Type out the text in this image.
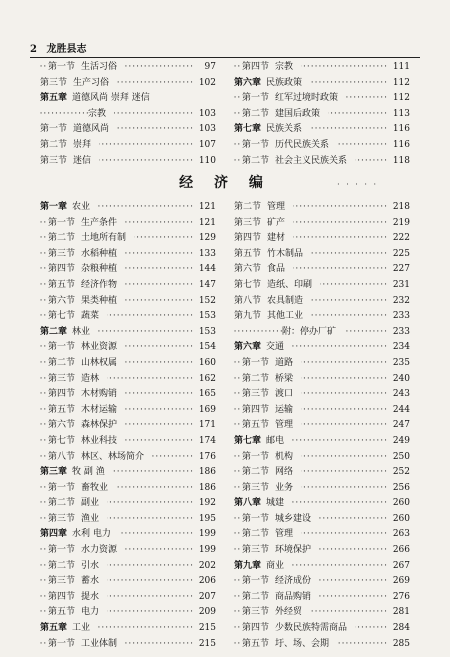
2 龙胜县志
·····
第一节 生活习俗	97
·····
第三节 生产习俗	102
第五章 道德风尚 崇拜 迷信
·····
宗教	103
·····
第一节 道德风尚	103
·····
第二节 崇拜	107
·····
第三节 迷信	110
·····
第四节 宗教	111
·····
第六章 民族政策	112
·····
第一节 红军过境时政策	112
·····
第二节 建国后政策	113
·····
第七章 民族关系	116
·····
第一节 历代民族关系	116
·····
第二节 社会主义民族关系	118
经 济 编	· · · · ·
·····
第一章 农业	121
·····
第一节 生产条件	121
·····
第二节 土地所有制	129
·····
第三节 水稻种植	133
·····
第四节 杂粮种植	144
·····
第五节 经济作物	147
·····
第六节 果类种植	152
·····
第七节 蔬菜	153
·····
第二章 林业	153
·····
第一节 林业资源	154
·····
第二节 山林权属	160
·····
第三节 造林	162
·····
第四节 木材购销	165
·····
第五节 木材运输	169
·····
第六节 森林保护	171
·····
第七节 林业科技	174
·····
第八节 林区、林场简介	176
·····
第三章 牧 副 渔	186
·····
第一节 畜牧业	186
·····
第二节 副业	192
·····
第三节 渔业	195
·····
第四章 水利 电力	199
·····
第一节 水力资源	199
·····
第二节 引水	202
·····
第三节 蓄水	206
·····
第四节 提水	207
·····
第五节 电力	209
·····
第五章 工业	215
·····
第一节 工业体制	215
·····
第二节 管理	218
·····
第三节 矿产	219
·····
第四节 建材	222
·····
第五节 竹木制品	225
·····
第六节 食品	227
·····
第七节 造纸、印刷	231
·····
第八节 农具制造	232
·····
第九节 其他工业	233
·····
附：停办厂矿	233
·····
第六章 交通	234
·····
第一节 道路	235
·····
第二节 桥梁	240
·····
第三节 渡口	243
·····
第四节 运输	244
·····
第五节 管理	247
·····
第七章 邮电	249
·····
第一节 机构	250
·····
第二节 网络	252
·····
第三节 业务	256
·····
第八章 城建	260
·····
第一节 城乡建设	260
·····
第二节 管理	263
·····
第三节 环境保护	266
·····
第九章 商业	267
·····
第一节 经济成份	269
·····
第二节 商品购销	276
·····
第三节 外经贸	281
·····
第四节 少数民族特需商品	284
·····
第五节 圩、场、会期	285
